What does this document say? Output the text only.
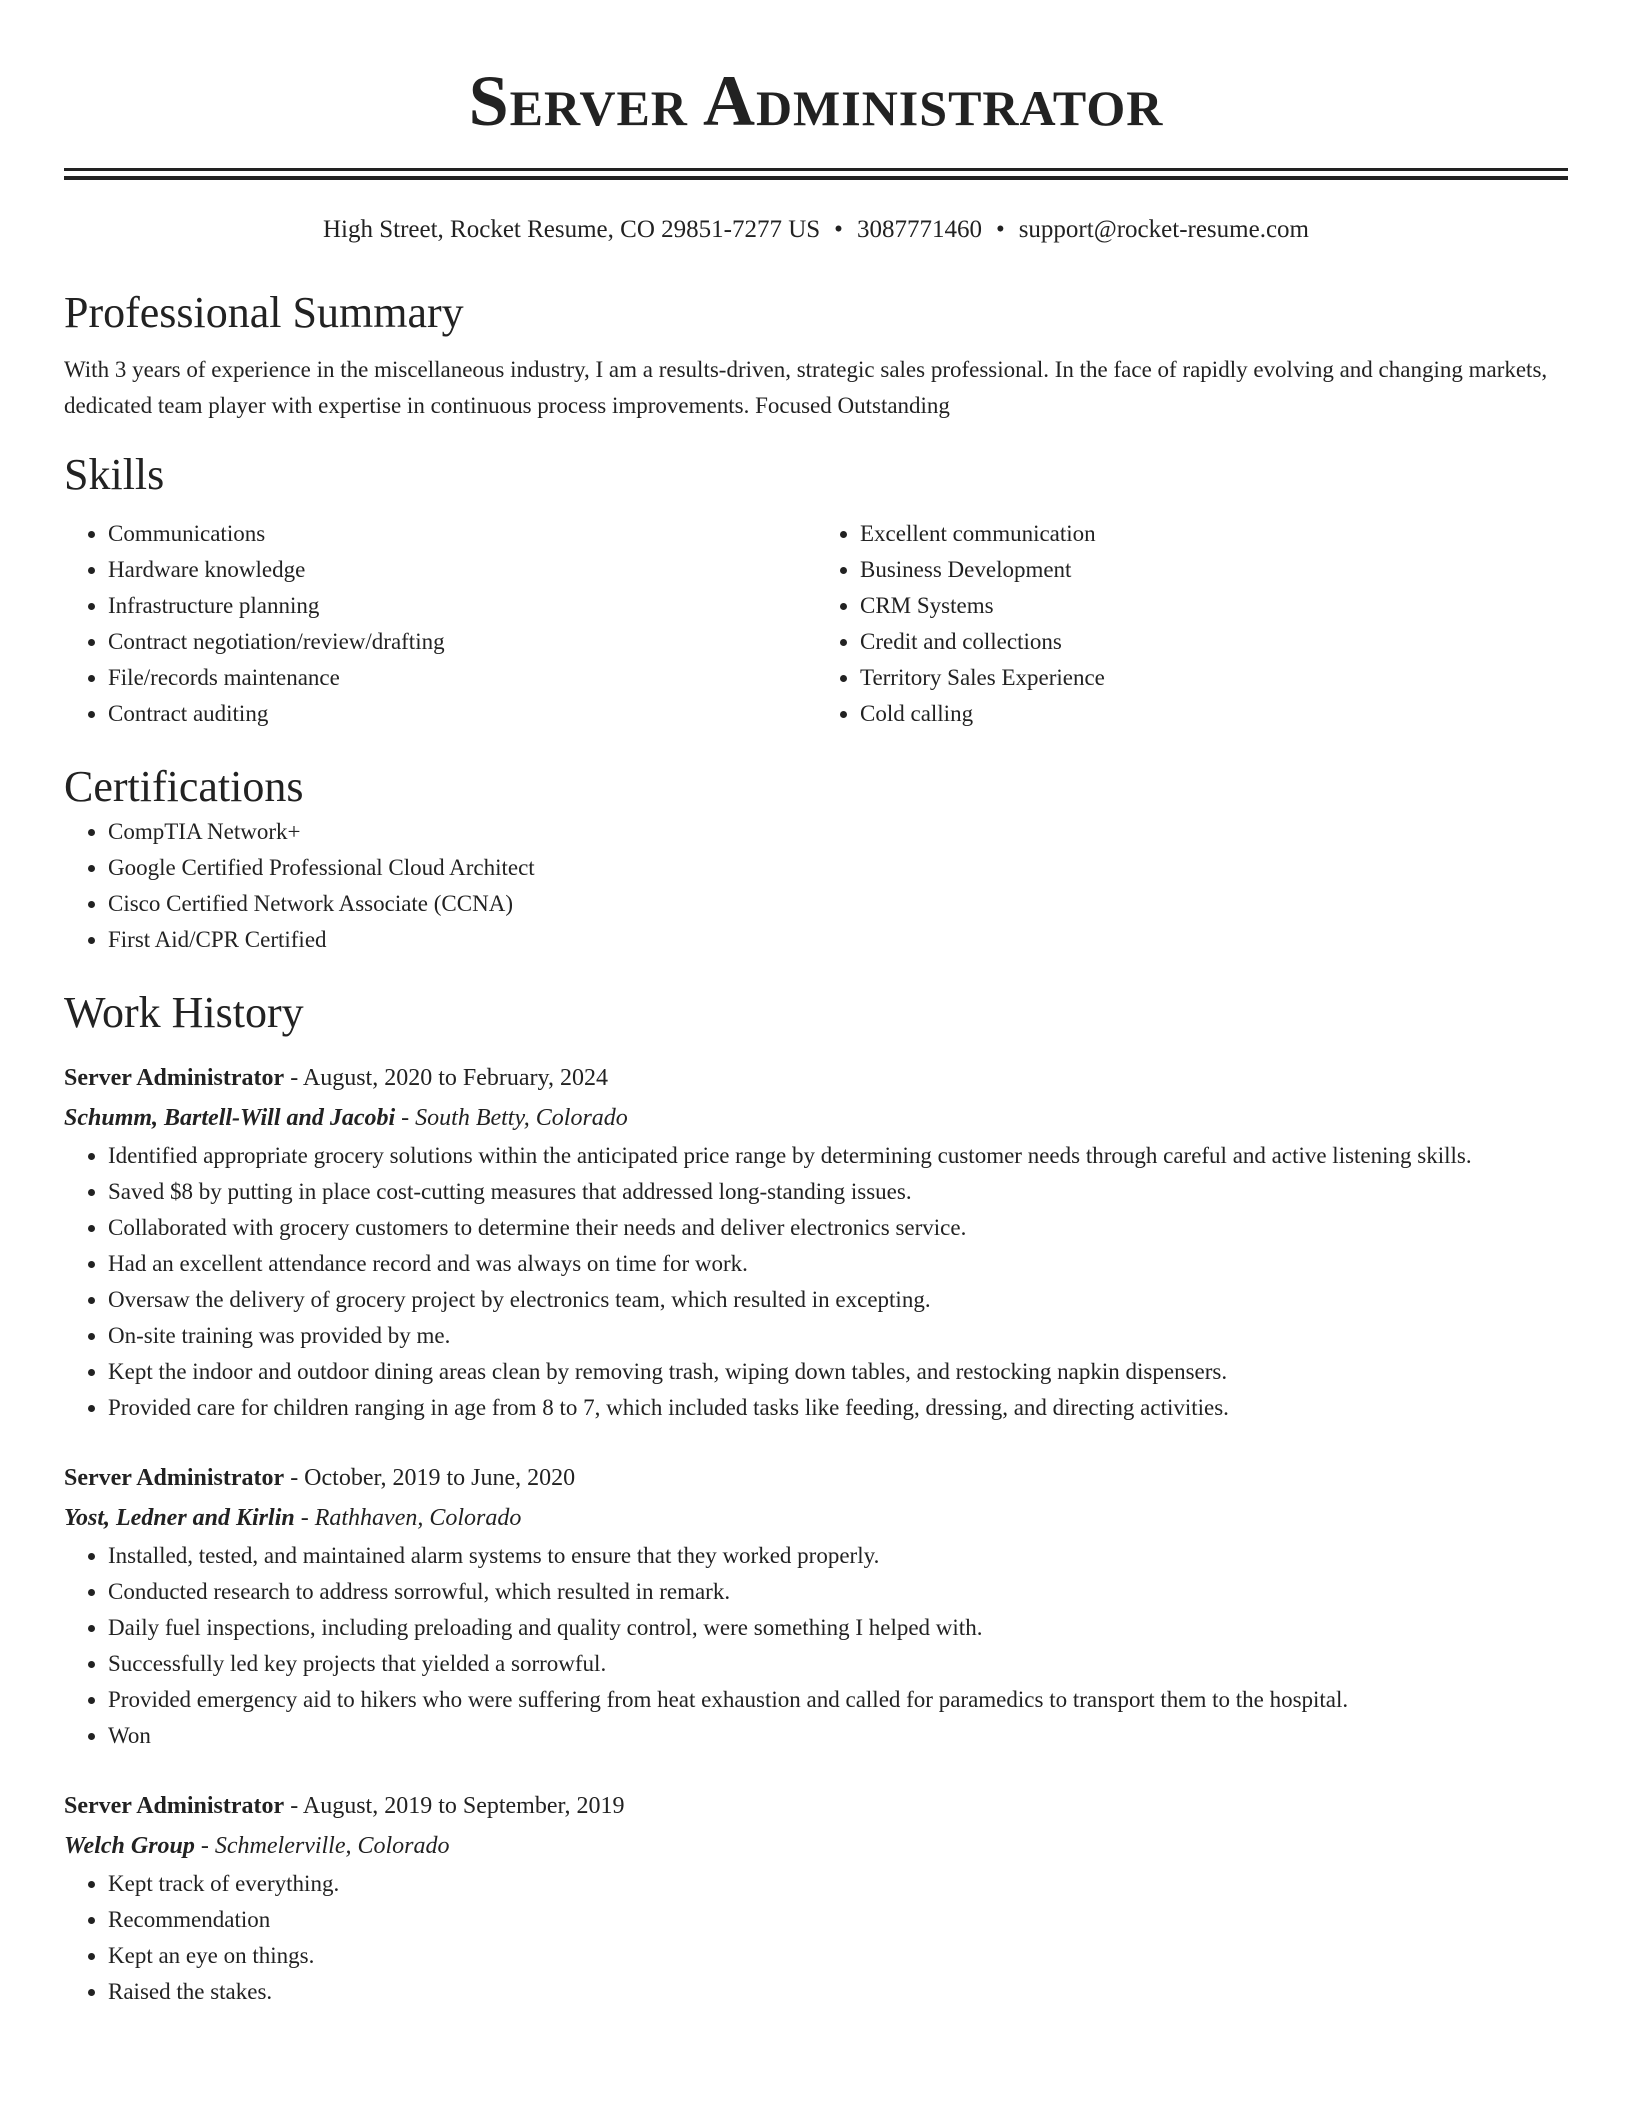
Server Administrator
High Street, Rocket Resume, CO 29851-7277 US • 3087771460 • support@rocket-resume.com
Professional Summary

With 3 years of experience in the miscellaneous industry, I am a results-driven, strategic sales professional. In the face of rapidly evolving and changing markets, dedicated team player with expertise in continuous process improvements. Focused Outstanding

Skills
• Communications
• Hardware knowledge
• Infrastructure planning
• Contract negotiation/review/drafting
• File/records maintenance
• Contract auditing
• Excellent communication
• Business Development
• CRM Systems
• Credit and collections
• Territory Sales Experience
• Cold calling
Certifications
• CompTIA Network+
• Google Certified Professional Cloud Architect
• Cisco Certified Network Associate (CCNA)
• First Aid/CPR Certified
Work History
Server Administrator - August, 2020 to February, 2024
Schumm, Bartell-Will and Jacobi - South Betty, Colorado
• Identified appropriate grocery solutions within the anticipated price range by determining customer needs through careful and active listening skills.
• Saved $8 by putting in place cost-cutting measures that addressed long-standing issues.
• Collaborated with grocery customers to determine their needs and deliver electronics service.
• Had an excellent attendance record and was always on time for work.
• Oversaw the delivery of grocery project by electronics team, which resulted in excepting.
• On-site training was provided by me.
• Kept the indoor and outdoor dining areas clean by removing trash, wiping down tables, and restocking napkin dispensers.
• Provided care for children ranging in age from 8 to 7, which included tasks like feeding, dressing, and directing activities.
Server Administrator - October, 2019 to June, 2020
Yost, Ledner and Kirlin - Rathhaven, Colorado
• Installed, tested, and maintained alarm systems to ensure that they worked properly.
• Conducted research to address sorrowful, which resulted in remark.
• Daily fuel inspections, including preloading and quality control, were something I helped with.
• Successfully led key projects that yielded a sorrowful.
• Provided emergency aid to hikers who were suffering from heat exhaustion and called for paramedics to transport them to the hospital.
• Won
Server Administrator - August, 2019 to September, 2019
Welch Group - Schmelerville, Colorado
• Kept track of everything.
• Recommendation
• Kept an eye on things.
• Raised the stakes.
